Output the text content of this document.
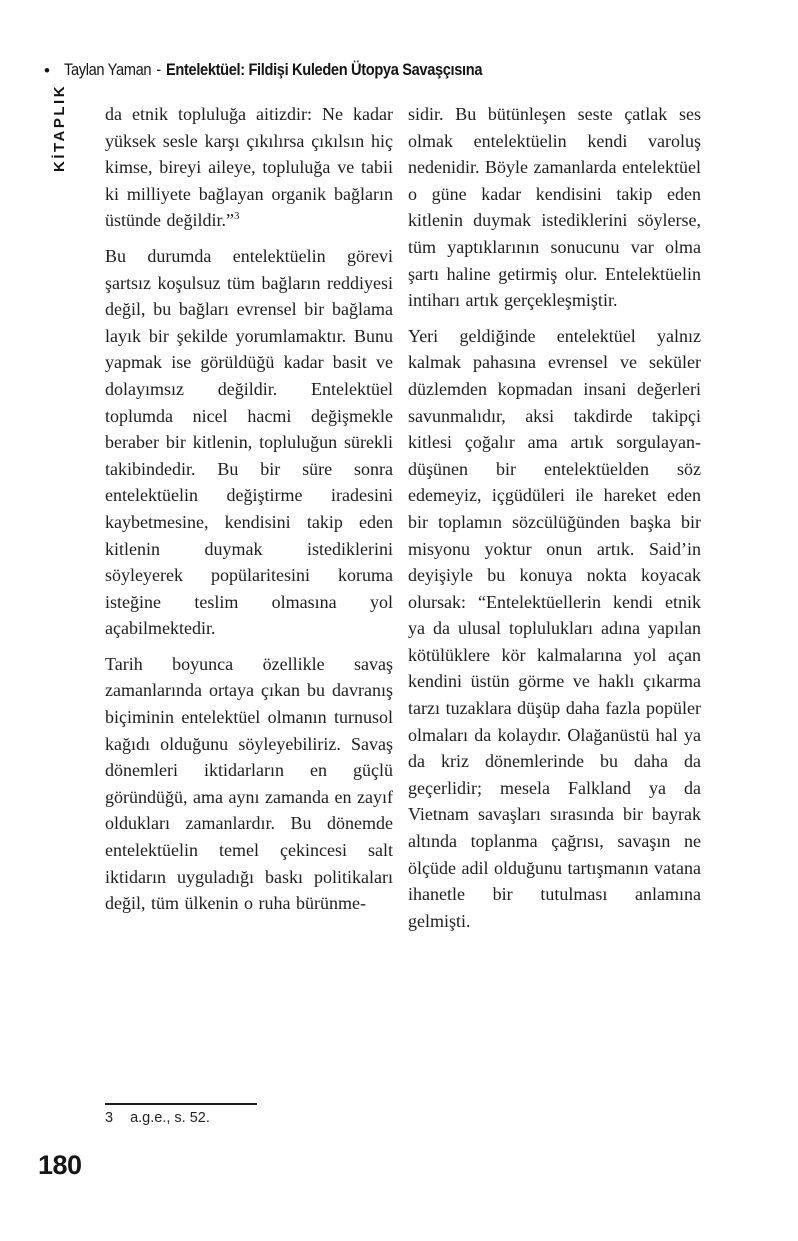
• Taylan Yaman - Entelektüel: Fildişi Kuleden Ütopya Savaşçısına
KİTAPLIK da etnik topluluğa aitizdir: Ne kadar yüksek sesle karşı çıkılırsa çıkılsın hiç kimse, bireyi aileye, topluluğa ve tabii ki milliyete bağlayan organik bağların üstünde değildir.”$^3$

Bu durumda entelektüelin görevi şartsız koşulsuz tüm bağların reddiyesi değil, bu bağları evrensel bir bağlama layık bir şekilde yorumlamaktır. Bunu yapmak ise görüldüğü kadar basit ve dolayımsız değildir. Entelektüel toplumda nicel hacmi değişmekle beraber bir kitlenin, topluluğun sürekli takibindedir. Bu bir süre sonra entelektüelin değiştirme iradesini kaybetmesine, kendisini takip eden kitlenin duymak istediklerini söyleyerek popülaritesini koruma isteğine teslim olmasına yol açabilmektedir.

Tarih boyunca özellikle savaş zamanlarında ortaya çıkan bu davranış biçiminin entelektüel olmanın turnusol kağıdı olduğunu söyleyebiliriz. Savaş dönemleri iktidarların en güçlü göründüğü, ama aynı zamanda en zayıf oldukları zamanlardır. Bu dönemde entelektüelin temel çekincesi salt iktidarın uyguladığı baskı politikaları değil, tüm ülkenin o ruha bürünme-

sidir. Bu bütünleşen seste çatlak ses olmak entelektüelin kendi varoluş nedenidir. Böyle zamanlarda entelektüel o güne kadar kendisini takip eden kitlenin duymak istediklerini söylerse, tüm yaptıklarının sonucunu var olma şartı haline getirmiş olur. Entelektüelin intiharı artık gerçekleşmiştir.

Yeri geldiğinde entelektüel yalnız kalmak pahasına evrensel ve seküler düzlemden kopmadan insani değerleri savunmalıdır, aksi takdirde takipçi kitlesi çoğalır ama artık sorgulayan-düşünen bir entelektüelden söz edemeyiz, içgüdüleri ile hareket eden bir toplamın sözcülüğünden başka bir misyonu yoktur onun artık. Said’in deyişiyle bu konuya nokta koyacak olursak: “Entelektüellerin kendi etnik ya da ulusal toplulukları adına yapılan kötülüklere kör kalmalarına yol açan kendini üstün görme ve haklı çıkarma tarzı tuzaklara düşüp daha fazla popüler olmaları da kolaydır. Olağanüstü hal ya da kriz dönemlerinde bu daha da geçerlidir; mesela Falkland ya da Vietnam savaşları sırasında bir bayrak altında toplanma çağrısı, savaşın ne ölçüde adil olduğunu tartışmanın vatana ihanetle bir tutulması anlamına gelmişti.

3 a.g.e., s. 52.
180
